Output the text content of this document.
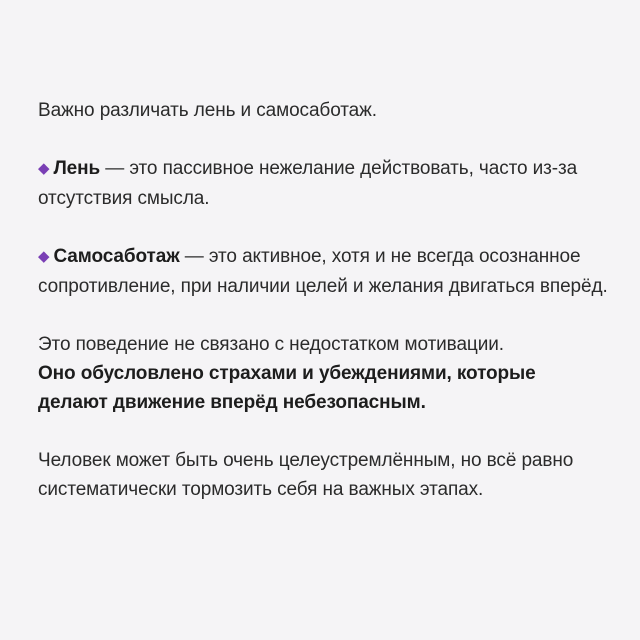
Важно различать лень и самосаботаж.

◆ Лень — это пассивное нежелание действовать, часто из-за отсутствия смысла.

◆ Самосаботаж — это активное, хотя и не всегда осознанное сопротивление, при наличии целей и желания двигаться вперёд.

Это поведение не связано с недостатком мотивации.
Оно обусловлено страхами и убеждениями, которые делают движение вперёд небезопасным.

Человек может быть очень целеустремлённым, но всё равно систематически тормозить себя на важных этапах.
